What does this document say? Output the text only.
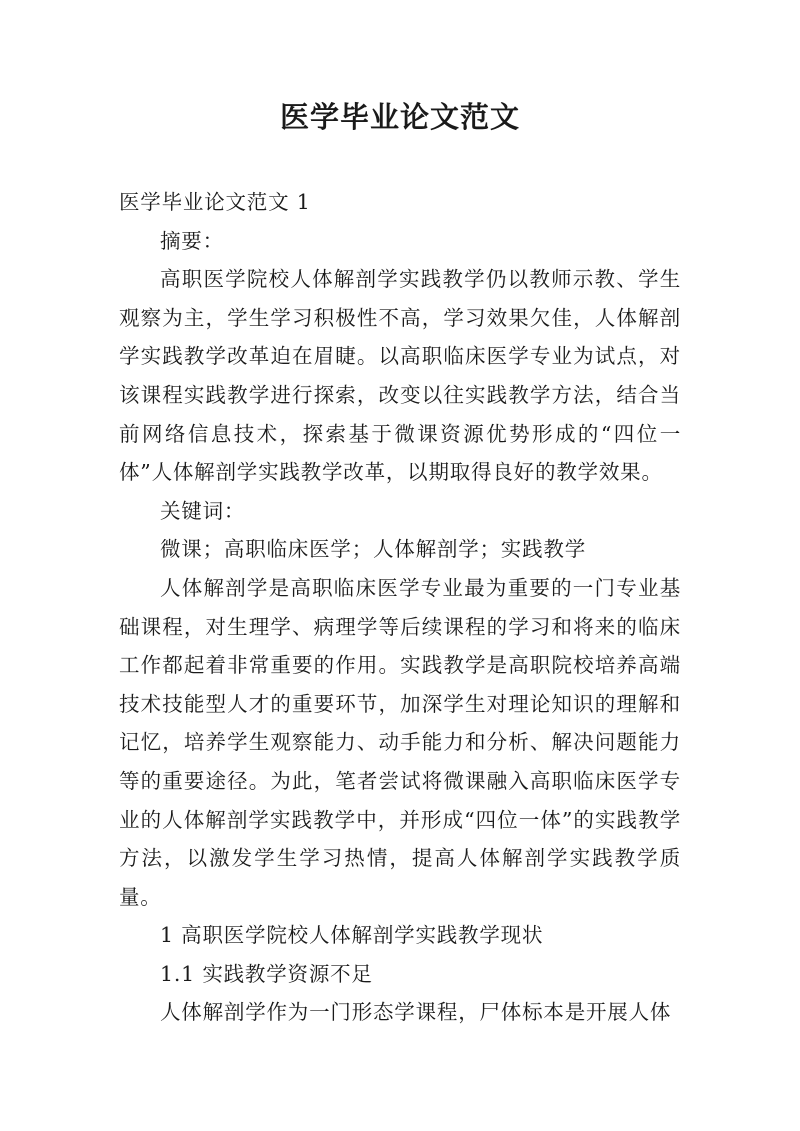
医学毕业论文范文

医学毕业论文范文 1

摘要：

高职医学院校人体解剖学实践教学仍以教师示教、学生观察为主，学生学习积极性不高，学习效果欠佳，人体解剖学实践教学改革迫在眉睫。以高职临床医学专业为试点，对该课程实践教学进行探索，改变以往实践教学方法，结合当前网络信息技术，探索基于微课资源优势形成的“四位一体”人体解剖学实践教学改革，以期取得良好的教学效果。

关键词：

微课；高职临床医学；人体解剖学；实践教学

人体解剖学是高职临床医学专业最为重要的一门专业基础课程，对生理学、病理学等后续课程的学习和将来的临床工作都起着非常重要的作用。实践教学是高职院校培养高端技术技能型人才的重要环节，加深学生对理论知识的理解和记忆，培养学生观察能力、动手能力和分析、解决问题能力等的重要途径。为此，笔者尝试将微课融入高职临床医学专业的人体解剖学实践教学中，并形成“四位一体”的实践教学方法，以激发学生学习热情，提高人体解剖学实践教学质量。

1 高职医学院校人体解剖学实践教学现状

1.1 实践教学资源不足

人体解剖学作为一门形态学课程，尸体标本是开展人体
